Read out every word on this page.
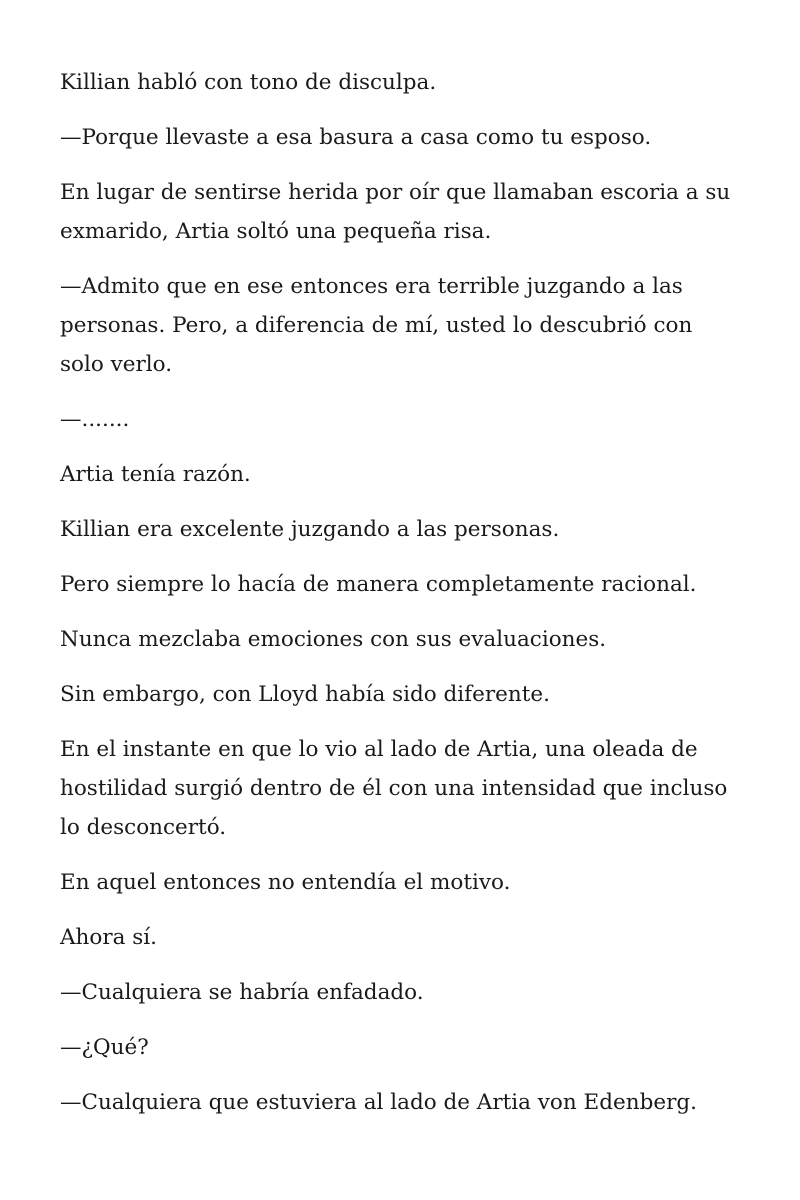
Killian habló con tono de disculpa.

—Porque llevaste a esa basura a casa como tu esposo.

En lugar de sentirse herida por oír que llamaban escoria a su exmarido, Artia soltó una pequeña risa.

—Admito que en ese entonces era terrible juzgando a las personas. Pero, a diferencia de mí, usted lo descubrió con solo verlo.

—.......

Artia tenía razón.

Killian era excelente juzgando a las personas.

Pero siempre lo hacía de manera completamente racional.

Nunca mezclaba emociones con sus evaluaciones.

Sin embargo, con Lloyd había sido diferente.

En el instante en que lo vio al lado de Artia, una oleada de hostilidad surgió dentro de él con una intensidad que incluso lo desconcertó.

En aquel entonces no entendía el motivo.

Ahora sí.

—Cualquiera se habría enfadado.

—¿Qué?

—Cualquiera que estuviera al lado de Artia von Edenberg.
